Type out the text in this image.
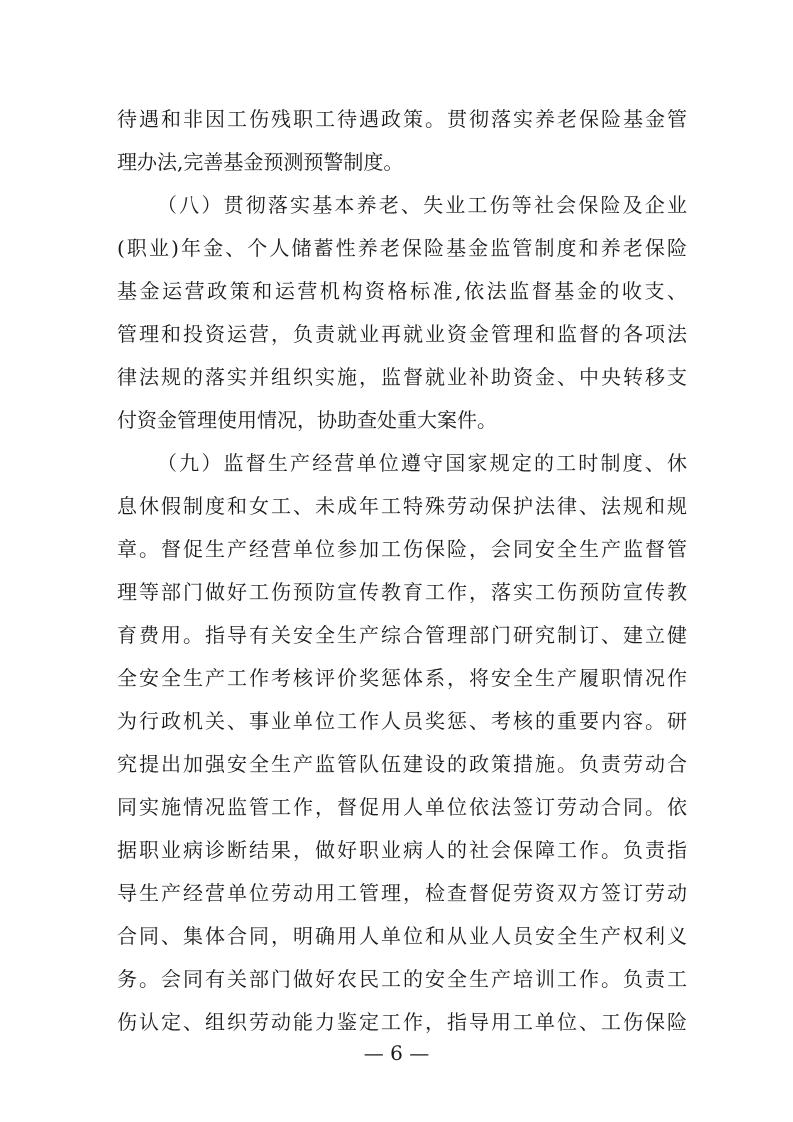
待遇和非因工伤残职工待遇政策。贯彻落实养老保险基金管
理办法,完善基金预测预警制度。
（八）贯彻落实基本养老、失业工伤等社会保险及企业
(职业)年金、个人储蓄性养老保险基金监管制度和养老保险
基金运营政策和运营机构资格标准,依法监督基金的收支、
管理和投资运营，负责就业再就业资金管理和监督的各项法
律法规的落实并组织实施，监督就业补助资金、中央转移支
付资金管理使用情况，协助查处重大案件。
（九）监督生产经营单位遵守国家规定的工时制度、休
息休假制度和女工、未成年工特殊劳动保护法律、法规和规
章。督促生产经营单位参加工伤保险，会同安全生产监督管
理等部门做好工伤预防宣传教育工作，落实工伤预防宣传教
育费用。指导有关安全生产综合管理部门研究制订、建立健
全安全生产工作考核评价奖惩体系，将安全生产履职情况作
为行政机关、事业单位工作人员奖惩、考核的重要内容。研
究提出加强安全生产监管队伍建设的政策措施。负责劳动合
同实施情况监管工作，督促用人单位依法签订劳动合同。依
据职业病诊断结果，做好职业病人的社会保障工作。负责指
导生产经营单位劳动用工管理，检查督促劳资双方签订劳动
合同、集体合同，明确用人单位和从业人员安全生产权利义
务。会同有关部门做好农民工的安全生产培训工作。负责工
伤认定、组织劳动能力鉴定工作，指导用工单位、工伤保险
— 6 —
